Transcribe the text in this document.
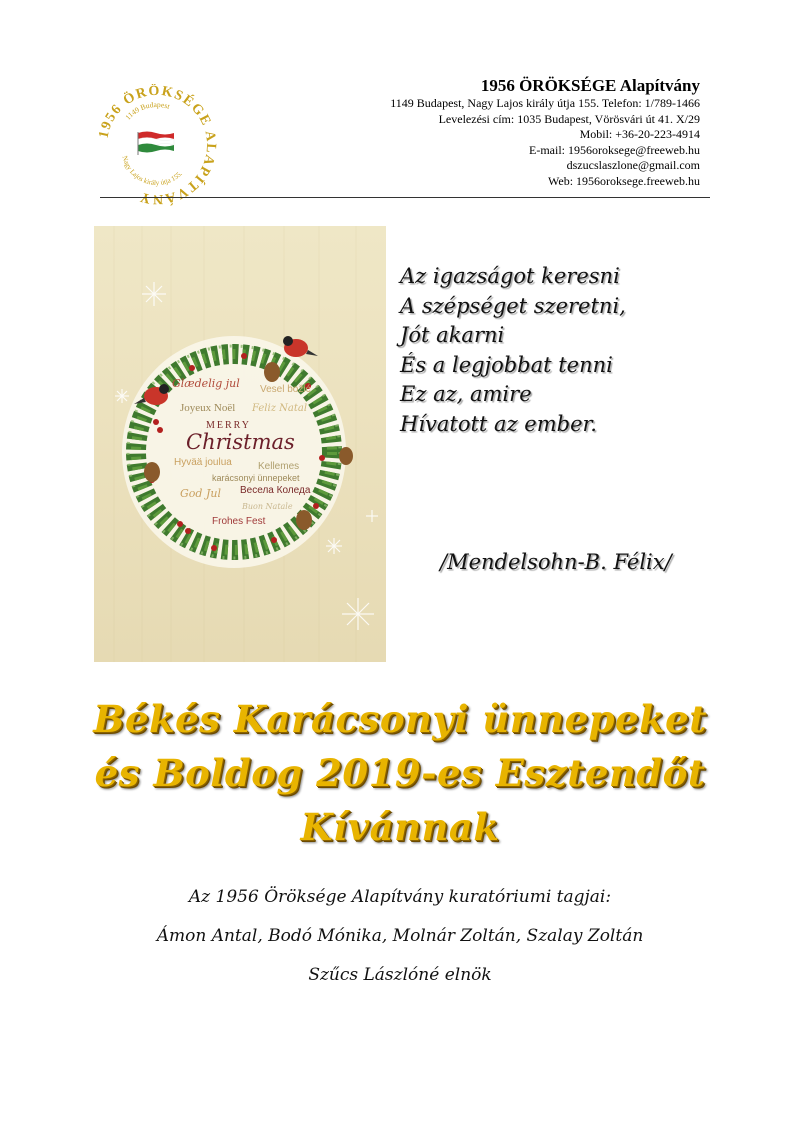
1956 ÖRÖKSÉGE ALAPÍTVÁNY
1149 Budapest
Nagy Lajos király útja 155.
1956 ÖRÖKSÉGE Alapítvány
1149 Budapest, Nagy Lajos király útja 155. Telefon: 1/789-1466
Levelezési cím: 1035 Budapest, Vörösvári út 41. X/29
Mobil: +36-20-223-4914
E-mail: 1956oroksege@freeweb.hu
dszucslaszlone@gmail.com
Web: 1956oroksege.freeweb.hu
Glædelig jul Vesel božić
Joyeux Noël Feliz Natal
MERRY
Christmas
Hyvää joulua	Kellemes
karácsonyi ünnepeket
God Jul Весела Коледа
Buon Natale
Frohes Fest
Az igazságot keresni
A szépséget szeretni,
Jót akarni
És a legjobbat tenni
Ez az, amire
Hívatott az ember.
/Mendelsohn-B. Félix/
Békés Karácsonyi ünnepeket
és Boldog 2019-es Esztendőt
Kívánnak
Az 1956 Öröksége Alapítvány kuratóriumi tagjai:
Ámon Antal, Bodó Mónika, Molnár Zoltán, Szalay Zoltán
Szűcs Lászlóné elnök
